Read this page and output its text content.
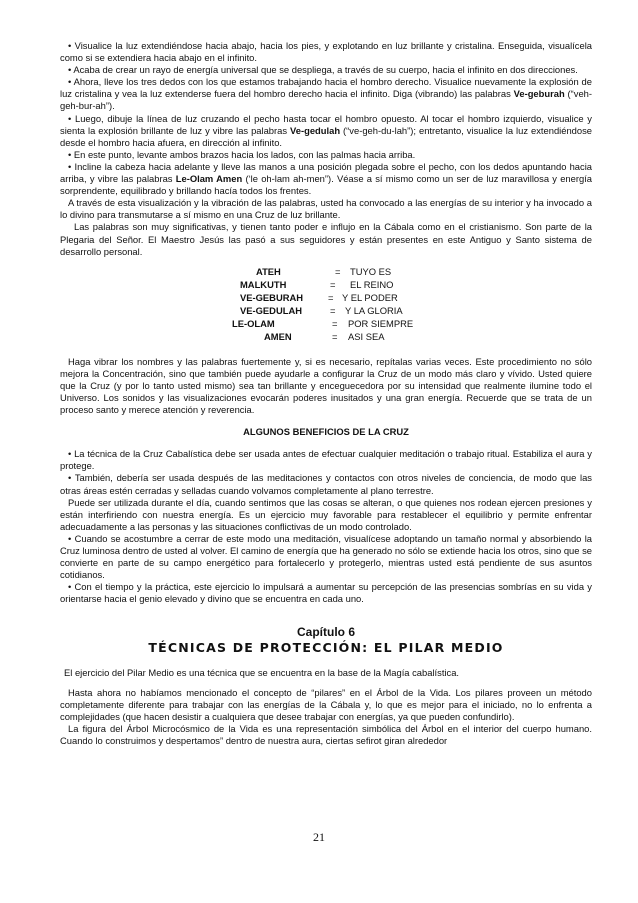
• Visualice la luz extendiéndose hacia abajo, hacia los pies, y explotando en luz brillante y cristalina. Enseguida, visualícela como si se extendiera hacia abajo en el infinito.

• Acaba de crear un rayo de energía universal que se despliega, a través de su cuerpo, hacia el infinito en dos direcciones.

• Ahora, lleve los tres dedos con los que estamos trabajando hacia el hombro derecho. Visualice nuevamente la explosión de luz cristalina y vea la luz extenderse fuera del hombro derecho hacia el infinito. Diga (vibrando) las palabras Ve-geburah (“veh-geh-bur-ah”).

• Luego, dibuje la línea de luz cruzando el pecho hasta tocar el hombro opuesto. Al tocar el hombro izquierdo, visualice y sienta la explosión brillante de luz y vibre las palabras Ve-gedulah (“ve-geh-du-lah”); entretanto, visualice la luz extendiéndose desde el hombro hacia afuera, en dirección al infinito.

• En este punto, levante ambos brazos hacia los lados, con las palmas hacia arriba.

• Incline la cabeza hacia adelante y lleve las manos a una posición plegada sobre el pecho, con los dedos apuntando hacia arriba, y vibre las palabras Le-Olam Amen (‘le oh-lam ah-men”). Véase a sí mismo como un ser de luz maravillosa y energía sorprendente, equilibrado y brillando hacía todos los frentes.

A través de esta visualización y la vibración de las palabras, usted ha convocado a las energías de su interior y ha invocado a lo divino para transmutarse a sí mismo en una Cruz de luz brillante.

Las palabras son muy significativas, y tienen tanto poder e influjo en la Cábala como en el cristianismo. Son parte de la Plegaria del Señor. El Maestro Jesús las pasó a sus seguidores y están presentes en este Antiguo y Santo sistema de desarrollo personal.

ATEH	= TUYO ES
MALKUTH	= EL REINO
VE-GEBURAH	= Y EL PODER
VE-GEDULAH	= Y LA GLORIA
LE-OLAM	= POR SIEMPRE
AMEN	= ASI SEA

Haga vibrar los nombres y las palabras fuertemente y, si es necesario, repítalas varias veces. Este procedimiento no sólo mejora la Concentración, sino que también puede ayudarle a configurar la Cruz de un modo más claro y vívido. Usted quiere que la Cruz (y por lo tanto usted mismo) sea tan brillante y enceguecedora por su intensidad que realmente ilumine todo el Universo. Los sonidos y las visualizaciones evocarán poderes inusitados y una gran energía. Recuerde que se trata de un proceso santo y merece atención y reverencia.

ALGUNOS BENEFICIOS DE LA CRUZ

• La técnica de la Cruz Cabalística debe ser usada antes de efectuar cualquier meditación o trabajo ritual. Estabiliza el aura y protege.

• También, debería ser usada después de las meditaciones y contactos con otros niveles de conciencia, de modo que las otras áreas estén cerradas y selladas cuando volvamos completamente al plano terrestre.

Puede ser utilizada durante el día, cuando sentimos que las cosas se alteran, o que quienes nos rodean ejercen presiones y están interfiriendo con nuestra energía. Es un ejercicio muy favorable para restablecer el equilibrio y permite enfrentar adecuadamente a las personas y las situaciones conflictivas de un modo controlado.

• Cuando se acostumbre a cerrar de este modo una meditación, visualícese adoptando un tamaño normal y absorbiendo la Cruz luminosa dentro de usted al volver. El camino de energía que ha generado no sólo se extiende hacia los otros, sino que se convierte en parte de su campo energético para fortalecerlo y protegerlo, mientras usted está pendiente de sus asuntos cotidianos.

• Con el tiempo y la práctica, este ejercicio lo impulsará a aumentar su percepción de las presencias sombrías en su vida y orientarse hacia el genio elevado y divino que se encuentra en cada uno.

Capítulo 6
TÉCNICAS DE PROTECCIÓN: EL PILAR MEDIO

El ejercicio del Pilar Medio es una técnica que se encuentra en la base de la Magía cabalística.

Hasta ahora no habíamos mencionado el concepto de “pilares” en el Árbol de la Vida. Los pilares proveen un método completamente diferente para trabajar con las energías de la Cábala y, lo que es mejor para el iniciado, no lo enfrenta a complejidades (que hacen desistir a cualquiera que desee trabajar con energías, ya que pueden confundirlo).

La figura del Árbol Microcósmico de la Vida es una representación simbólica del Árbol en el interior del cuerpo humano. Cuando lo construimos y despertamos” dentro de nuestra aura, ciertas sefirot giran alrededor

21
